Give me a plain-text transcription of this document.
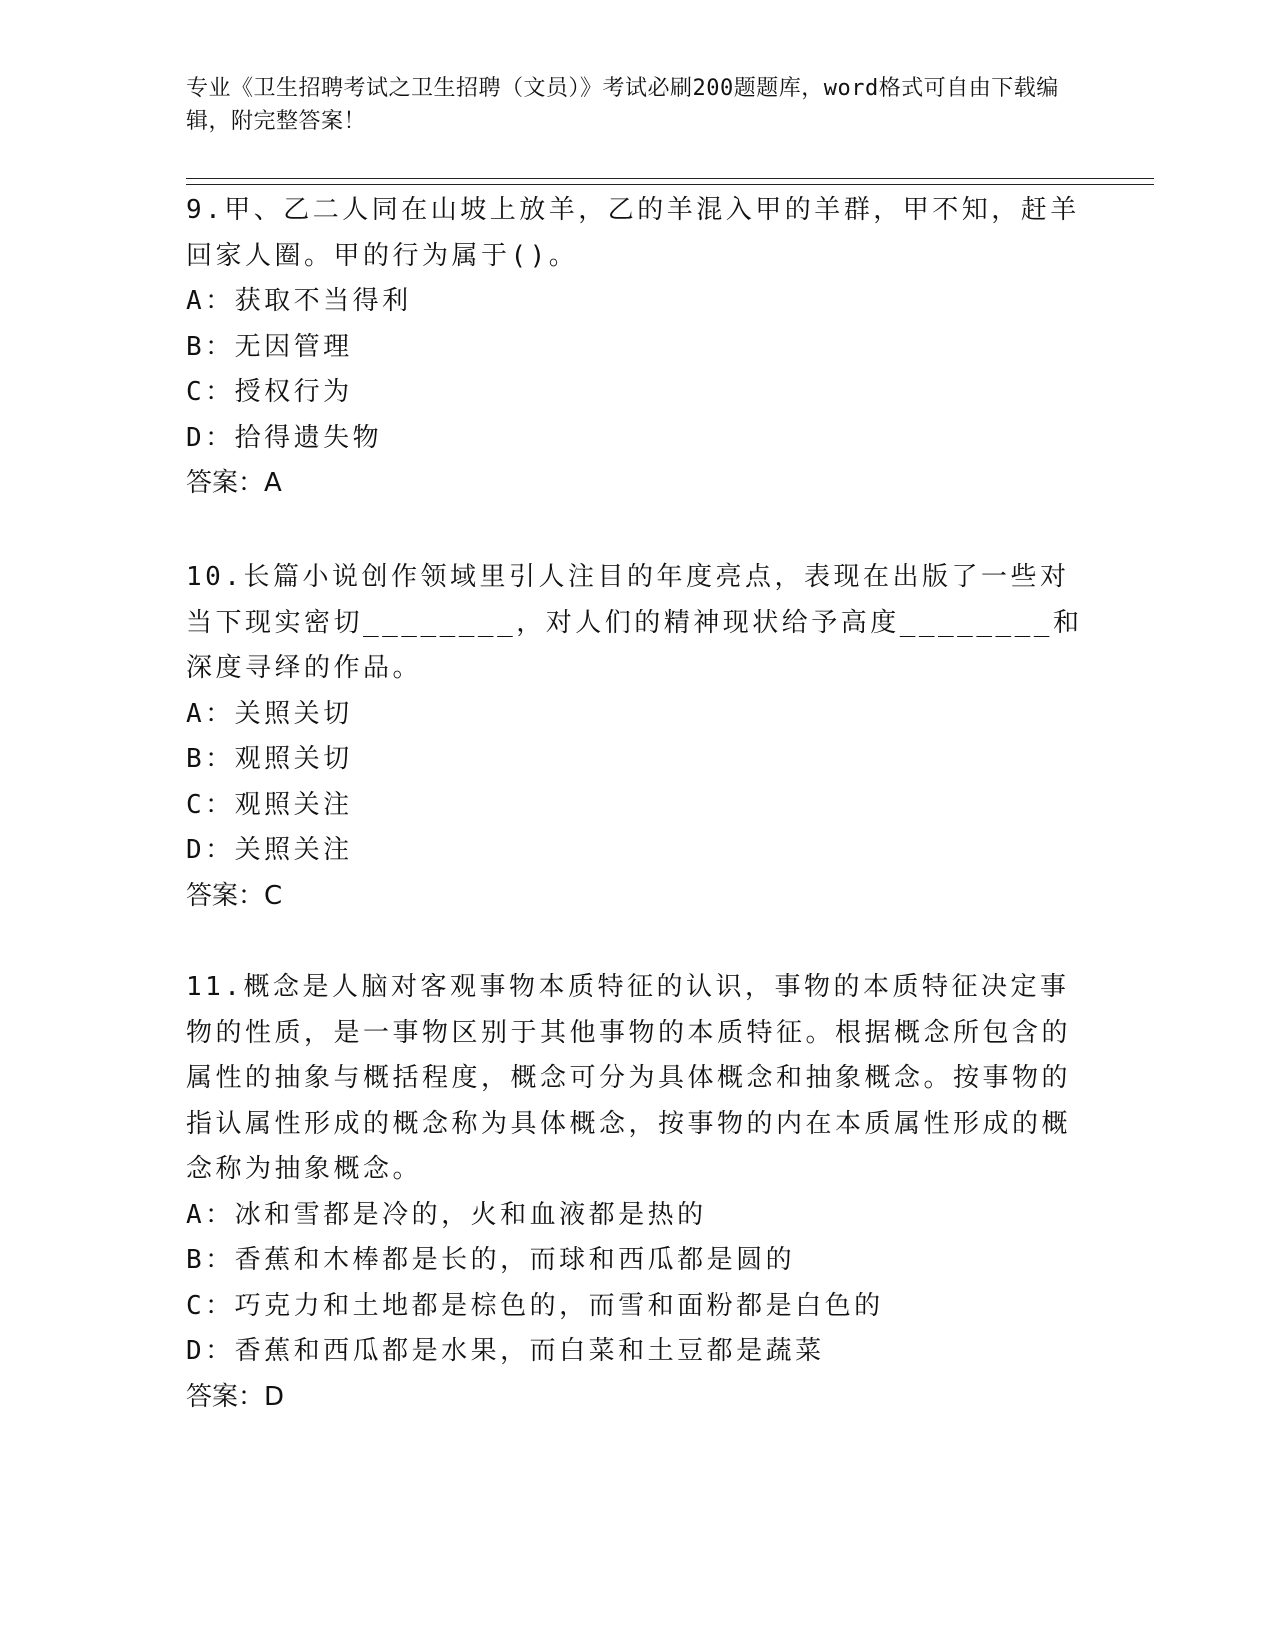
专业《卫生招聘考试之卫生招聘（文员）》考试必刷200题题库，word格式可自由下载编辑，附完整答案！

9.甲、乙二人同在山坡上放羊，乙的羊混入甲的羊群，甲不知，赶羊回家人圈。甲的行为属于()。

A：获取不当得利

B：无因管理

C：授权行为

D：拾得遗失物

答案：A

10.长篇小说创作领域里引人注目的年度亮点，表现在出版了一些对当下现实密切________，对人们的精神现状给予高度________和深度寻绎的作品。

A：关照关切

B：观照关切

C：观照关注

D：关照关注

答案：C

11.概念是人脑对客观事物本质特征的认识，事物的本质特征决定事物的性质，是一事物区别于其他事物的本质特征。根据概念所包含的属性的抽象与概括程度，概念可分为具体概念和抽象概念。按事物的指认属性形成的概念称为具体概念，按事物的内在本质属性形成的概念称为抽象概念。

A：冰和雪都是冷的，火和血液都是热的

B：香蕉和木棒都是长的，而球和西瓜都是圆的

C：巧克力和土地都是棕色的，而雪和面粉都是白色的

D：香蕉和西瓜都是水果，而白菜和土豆都是蔬菜

答案：D
